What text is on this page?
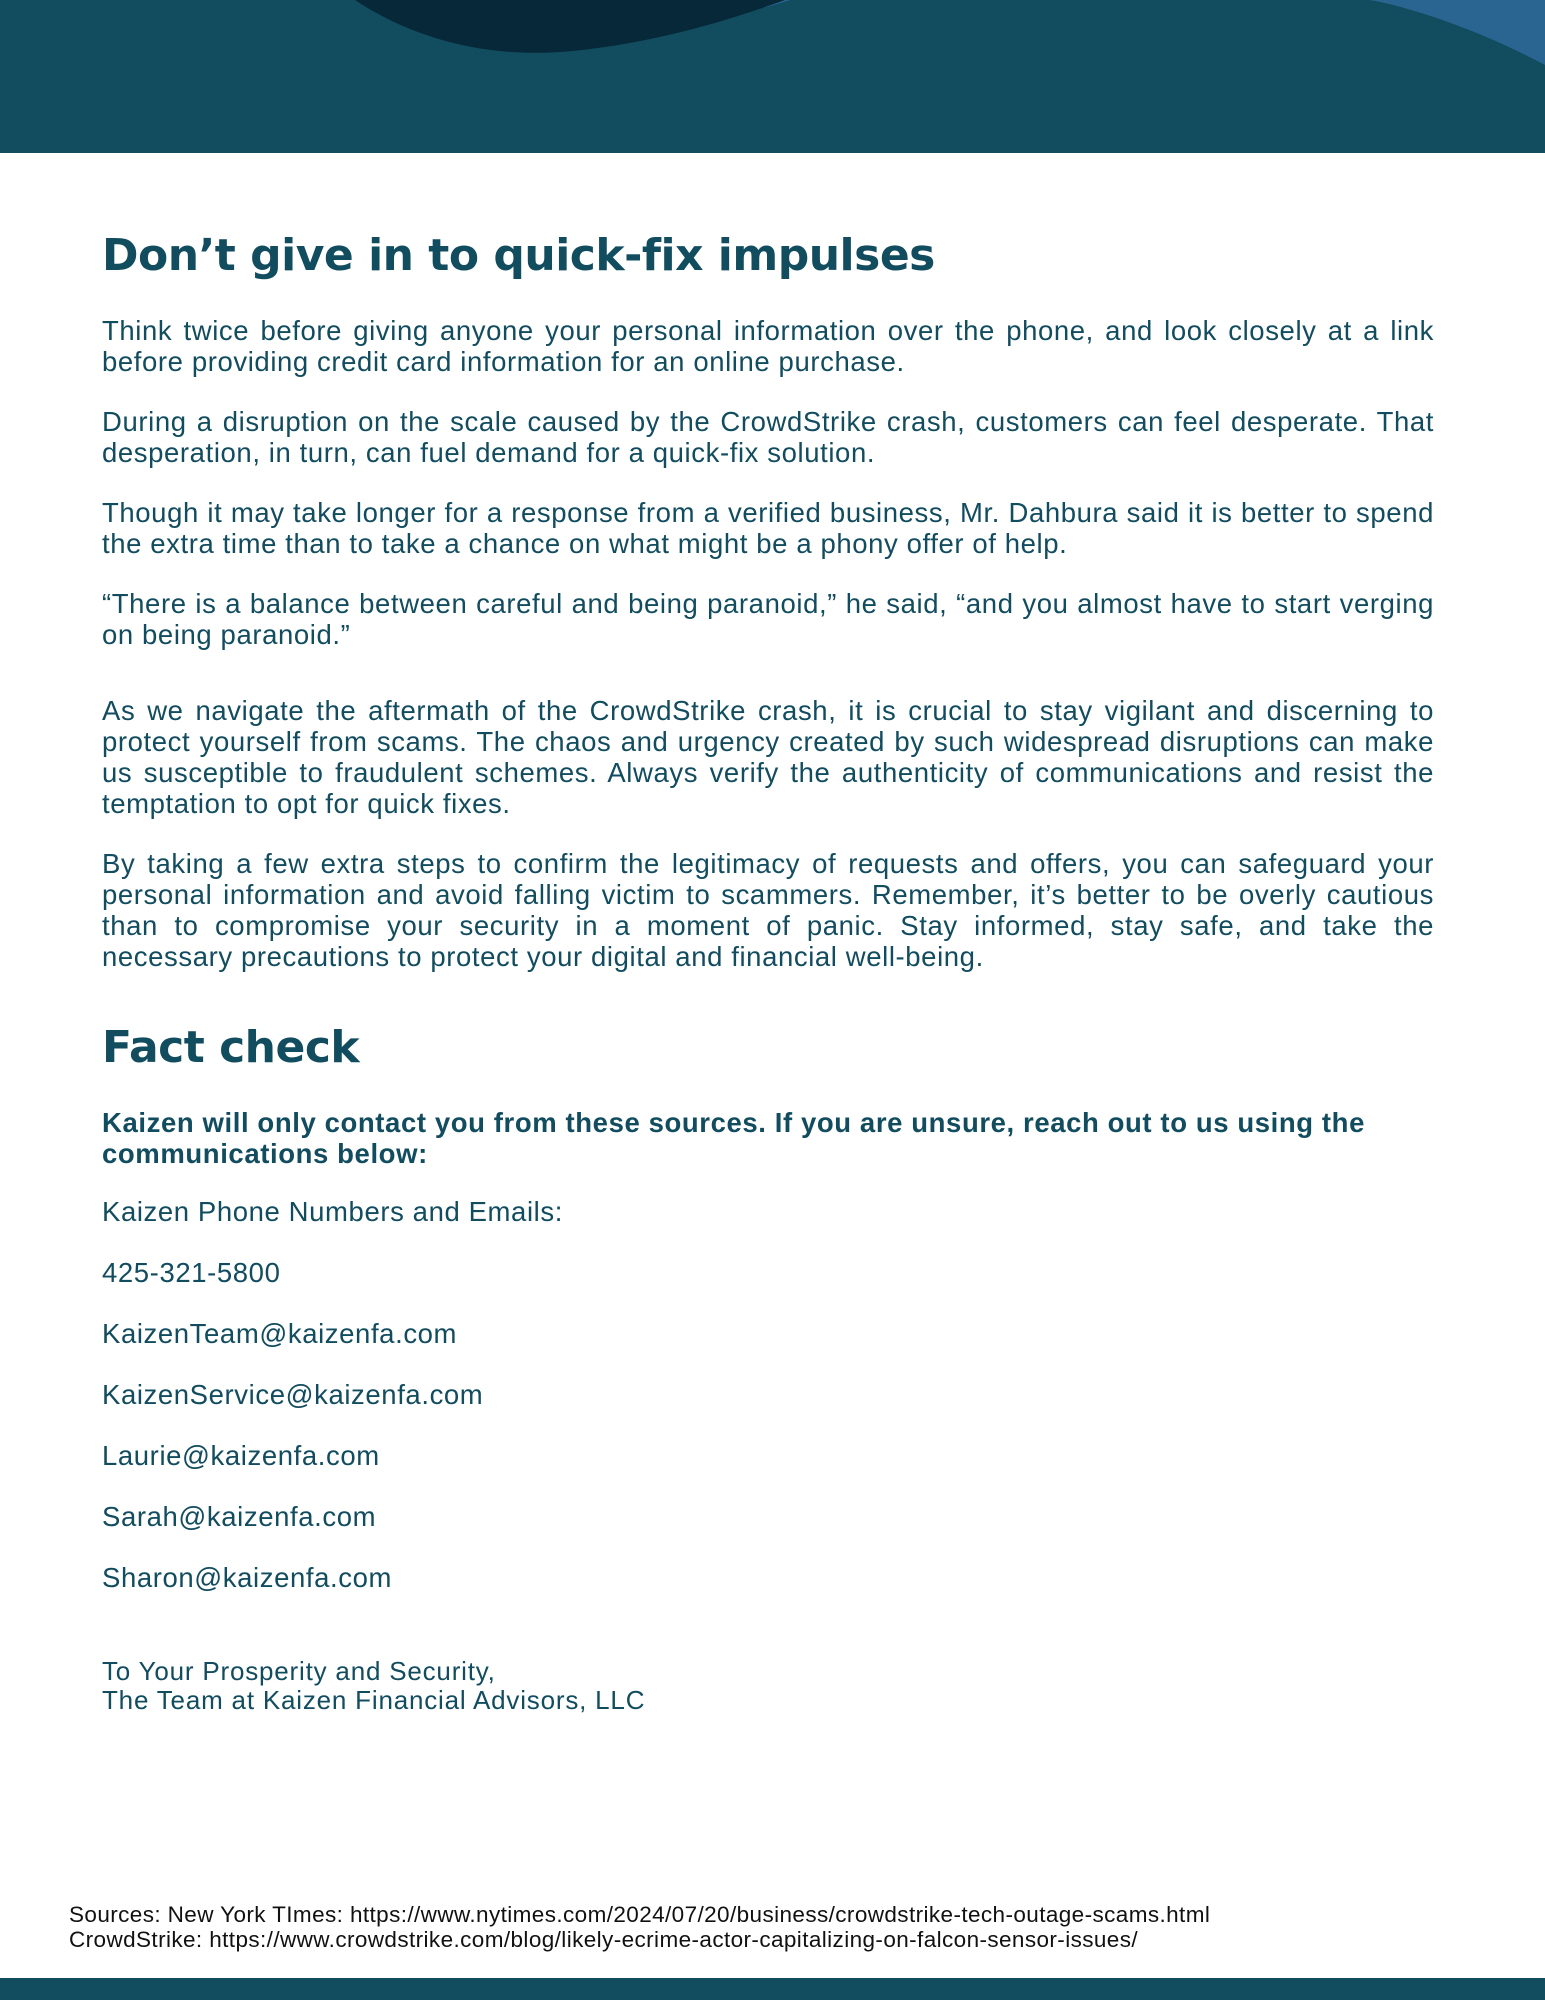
Don’t give in to quick-fix impulses

Think twice before giving anyone your personal information over the phone, and look closely at a link before providing credit card information for an online purchase.

During a disruption on the scale caused by the CrowdStrike crash, customers can feel desperate. That desperation, in turn, can fuel demand for a quick-fix solution.

Though it may take longer for a response from a verified business, Mr. Dahbura said it is better to spend the extra time than to take a chance on what might be a phony offer of help.

“There is a balance between careful and being paranoid,” he said, “and you almost have to start verging on being paranoid.”

As we navigate the aftermath of the CrowdStrike crash, it is crucial to stay vigilant and discerning to protect yourself from scams. The chaos and urgency created by such widespread disruptions can make us susceptible to fraudulent schemes. Always verify the authenticity of communications and resist the temptation to opt for quick fixes.

By taking a few extra steps to confirm the legitimacy of requests and offers, you can safeguard your personal information and avoid falling victim to scammers. Remember, it’s better to be overly cautious than to compromise your security in a moment of panic. Stay informed, stay safe, and take the necessary precautions to protect your digital and financial well-being.

Fact check

Kaizen will only contact you from these sources. If you are unsure, reach out to us using the communications below:

Kaizen Phone Numbers and Emails:

425-321-5800

KaizenTeam@kaizenfa.com

KaizenService@kaizenfa.com

Laurie@kaizenfa.com

Sarah@kaizenfa.com

Sharon@kaizenfa.com

To Your Prosperity and Security,
The Team at Kaizen Financial Advisors, LLC
Sources: New York TImes: https://www.nytimes.com/2024/07/20/business/crowdstrike-tech-outage-scams.html
CrowdStrike: https://www.crowdstrike.com/blog/likely-ecrime-actor-capitalizing-on-falcon-sensor-issues/
